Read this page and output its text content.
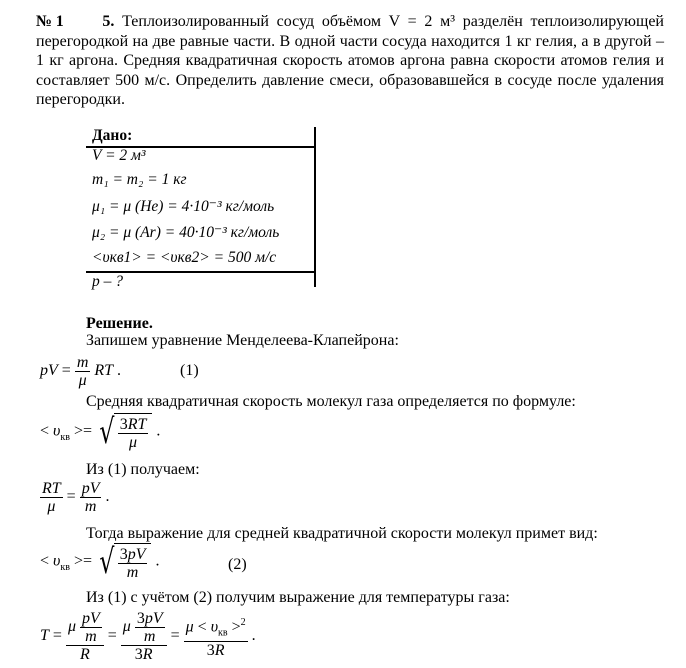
№1 5. Теплоизолированный сосуд объёмом V = 2 м³ разделён теплоизолирующей перегородкой на две равные части. В одной части сосуда находится 1 кг гелия, а в другой – 1 кг аргона. Средняя квадратичная скорость атомов аргона равна скорости атомов гелия и составляет 500 м/с. Определить давление смеси, образовавшейся в сосуде после удаления перегородки.
Дано:
V = 2 м³
m₁ = m₂ = 1 кг
μ₁ = μ (He) = 4·10⁻³ кг/моль
μ₂ = μ (Ar) = 40·10⁻³ кг/моль
<υкв1> = <υкв2> = 500 м/с
p – ?
Решение.
Запишем уравнение Менделеева-Клапейрона:
pV = $\frac{m}{\mu}$ RT .	(1)
Средняя квадратичная скорость молекул газа определяется по формуле:
< $\upsilon_{кв}$ >= √ $\frac{3RT}{\mu}$ .
Из (1) получаем:
$\frac{RT}{\mu} = \frac{pV}{m}$ .
Тогда выражение для средней квадратичной скорости молекул примет вид:
< $\upsilon_{кв}$ >= √ $\frac{3pV}{m}$ .	(2)
Из (1) с учётом (2) получим выражение для температуры газа:
$T = \frac{\mu \frac{pV}{m}}{R} = \frac{\mu \frac{3pV}{m}}{3R} = \frac{\mu < \upsilon_{кв} >^2}{3R}$ .
